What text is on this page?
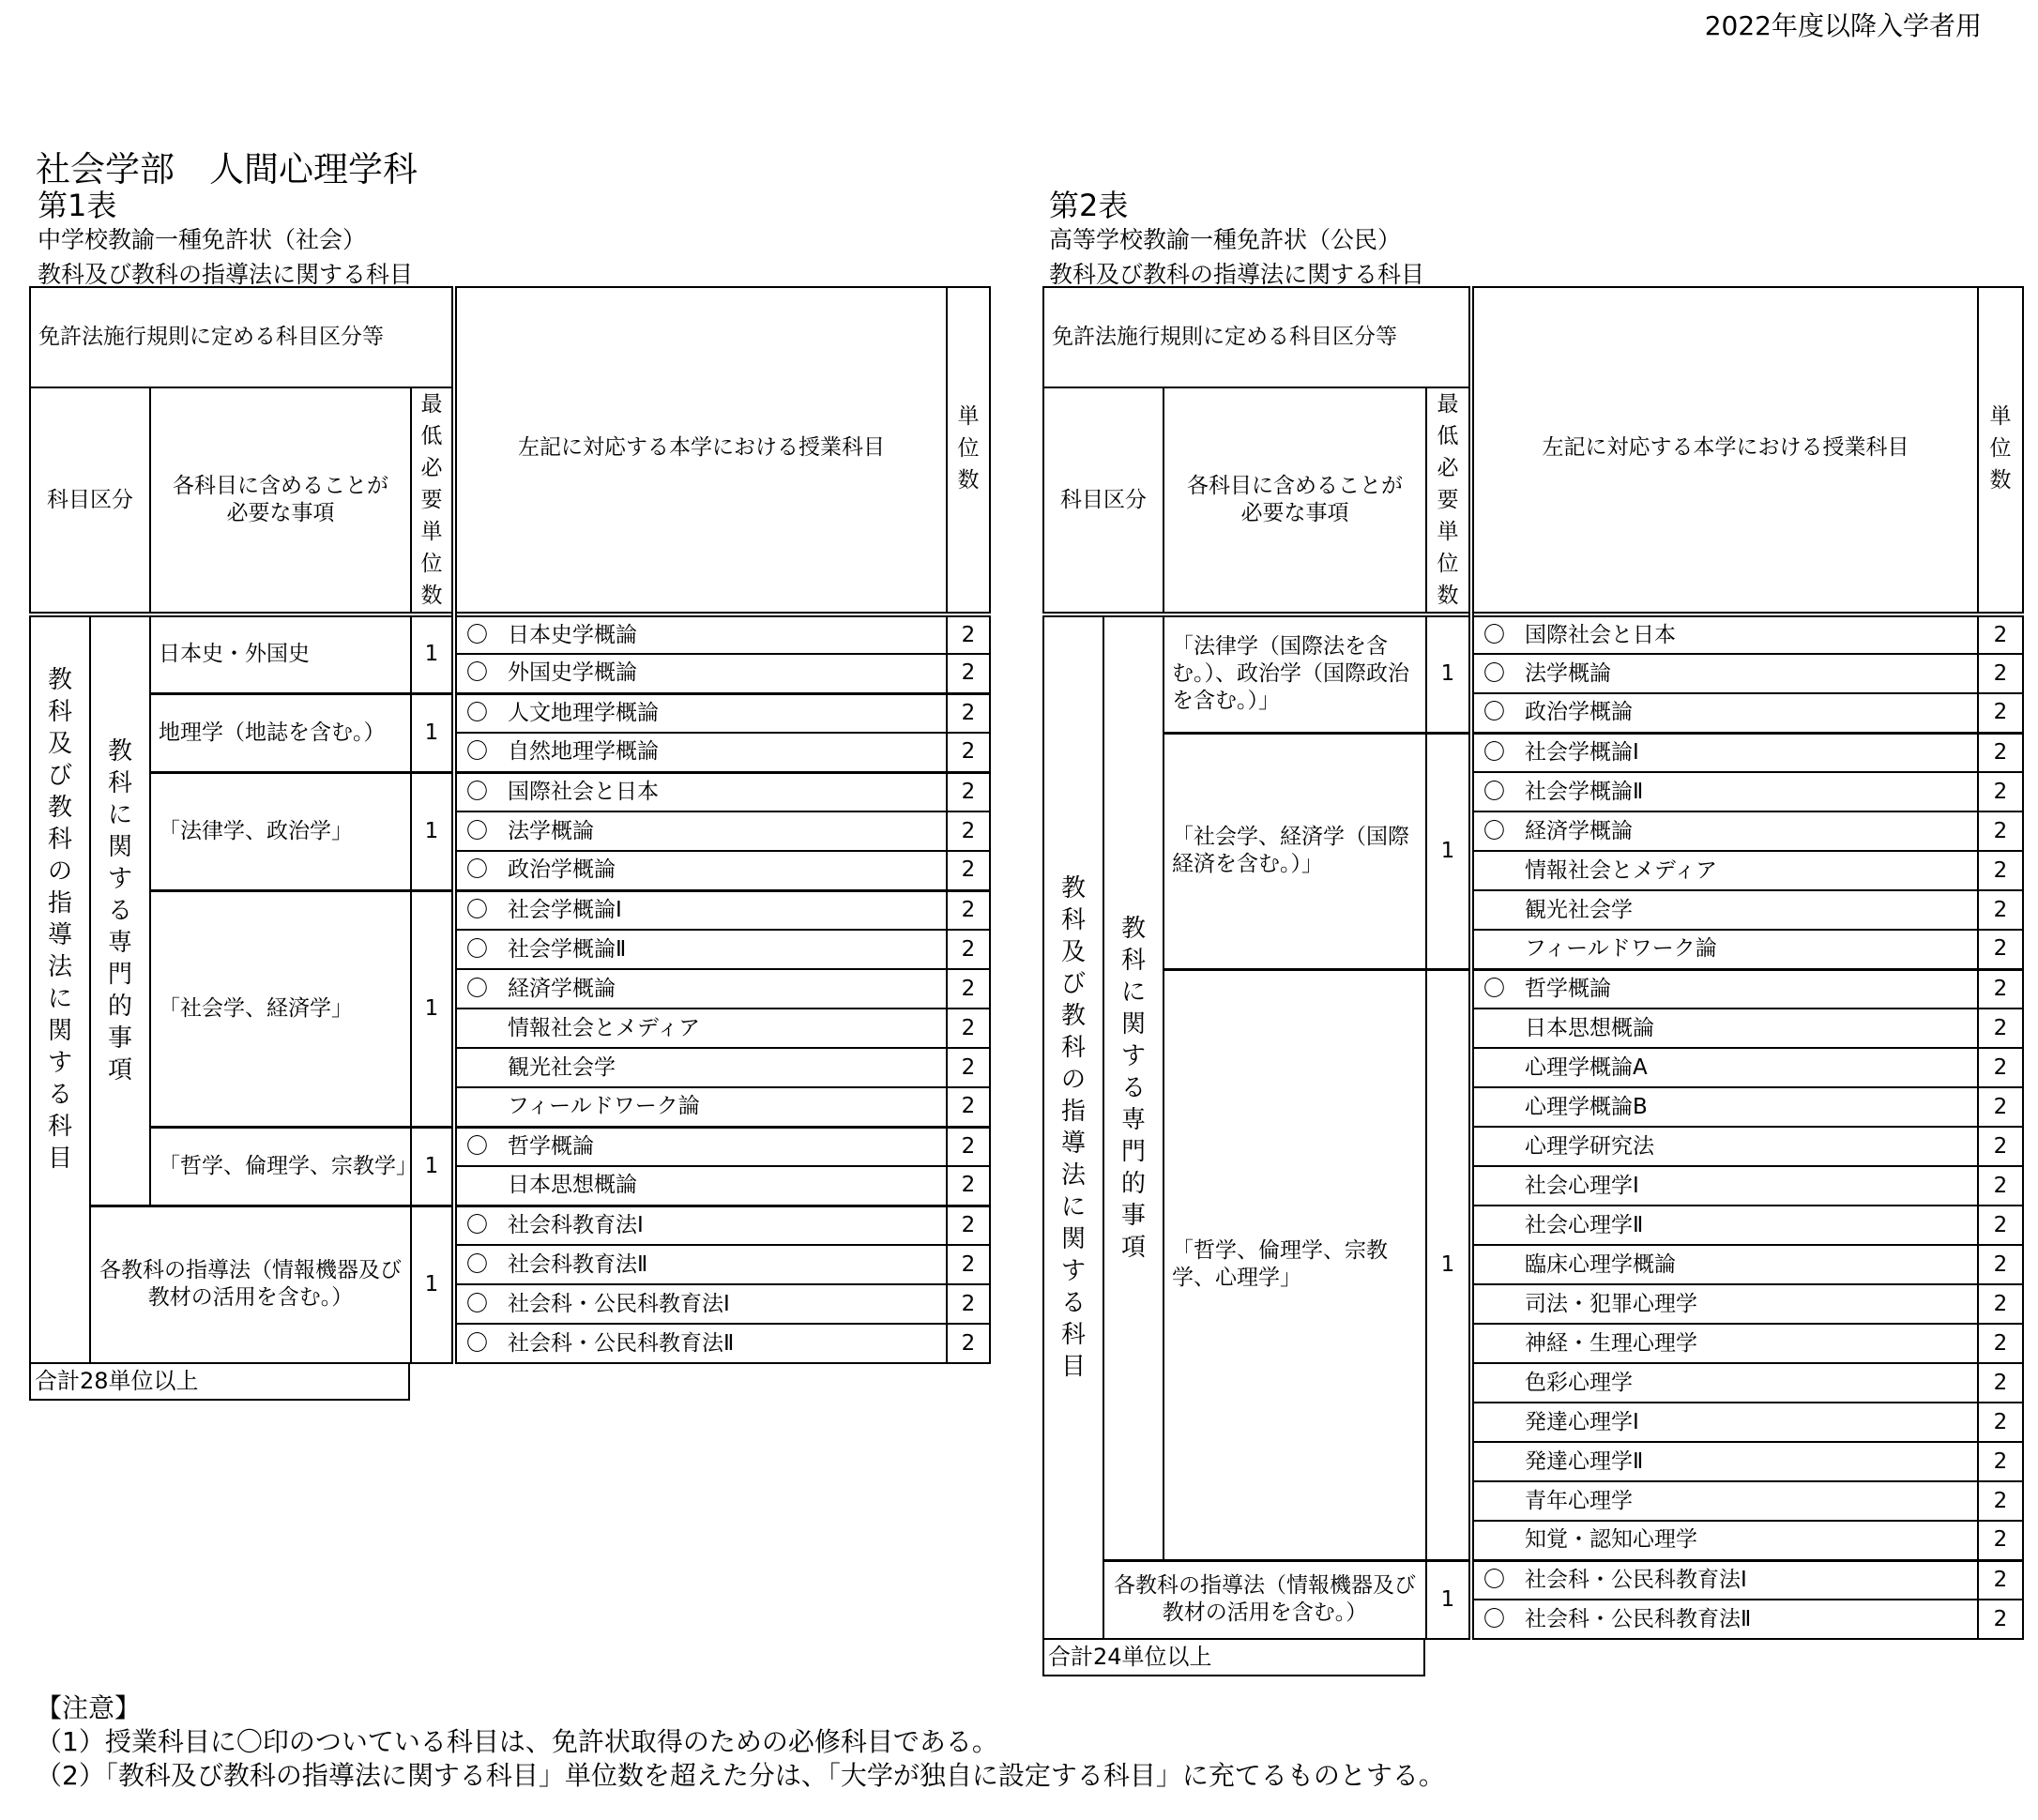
2022年度以降入学者用
社会学部　人間心理学科
第1表
中学校教諭一種免許状（社会）
教科及び教科の指導法に関する科目
第2表
高等学校教諭一種免許状（公民）
教科及び教科の指導法に関する科目
免許法施行規則に定める科目区分等				左記に対応する本学における授業科目	単位数
科目区分		各科目に含めることが必要な事項	最低必要単位数		
教科及び教科の指導法に関する科目	教科に関する専門的事項	日本史・外国史	1	〇 日本史学概論	2
				〇 外国史学概論	2
		地理学（地誌を含む。）	1	〇 人文地理学概論	2
				〇 自然地理学概論	2
		「法律学、政治学」	1	〇 国際社会と日本	2
				〇 法学概論	2
				〇 政治学概論	2
		「社会学、経済学」	1	〇 社会学概論Ⅰ	2
				〇 社会学概論Ⅱ	2
				〇 経済学概論	2
				情報社会とメディア	2
				観光社会学	2
				フィールドワーク論	2
		「哲学、倫理学、宗教学」	1	〇 哲学概論	2
				日本思想概論	2
	各教科の指導法（情報機器及び教材の活用を含む。）		1	〇 社会科教育法Ⅰ	2
				〇 社会科教育法Ⅱ	2
				〇 社会科・公民科教育法Ⅰ	2
				〇 社会科・公民科教育法Ⅱ	2
合計28単位以上
免許法施行規則に定める科目区分等				左記に対応する本学における授業科目	単位数
科目区分		各科目に含めることが必要な事項	最低必要単位数		
教科及び教科の指導法に関する科目	教科に関する専門的事項	「法律学（国際法を含む。）、政治学（国際政治を含む。）」	1	〇 国際社会と日本	2
				〇 法学概論	2
				〇 政治学概論	2
		「社会学、経済学（国際経済を含む。）」	1	〇 社会学概論Ⅰ	2
				〇 社会学概論Ⅱ	2
				〇 経済学概論	2
				情報社会とメディア	2
				観光社会学	2
				フィールドワーク論	2
		「哲学、倫理学、宗教学、心理学」	1	〇 哲学概論	2
				日本思想概論	2
				心理学概論A	2
				心理学概論B	2
				心理学研究法	2
				社会心理学Ⅰ	2
				社会心理学Ⅱ	2
				臨床心理学概論	2
				司法・犯罪心理学	2
				神経・生理心理学	2
				色彩心理学	2
				発達心理学Ⅰ	2
				発達心理学Ⅱ	2
				青年心理学	2
				知覚・認知心理学	2
	各教科の指導法（情報機器及び教材の活用を含む。）		1	〇 社会科・公民科教育法Ⅰ	2
				〇 社会科・公民科教育法Ⅱ	2
合計24単位以上
【注意】
（1）授業科目に〇印のついている科目は、免許状取得のための必修科目である。
（2）「教科及び教科の指導法に関する科目」単位数を超えた分は、「大学が独自に設定する科目」に充てるものとする。
